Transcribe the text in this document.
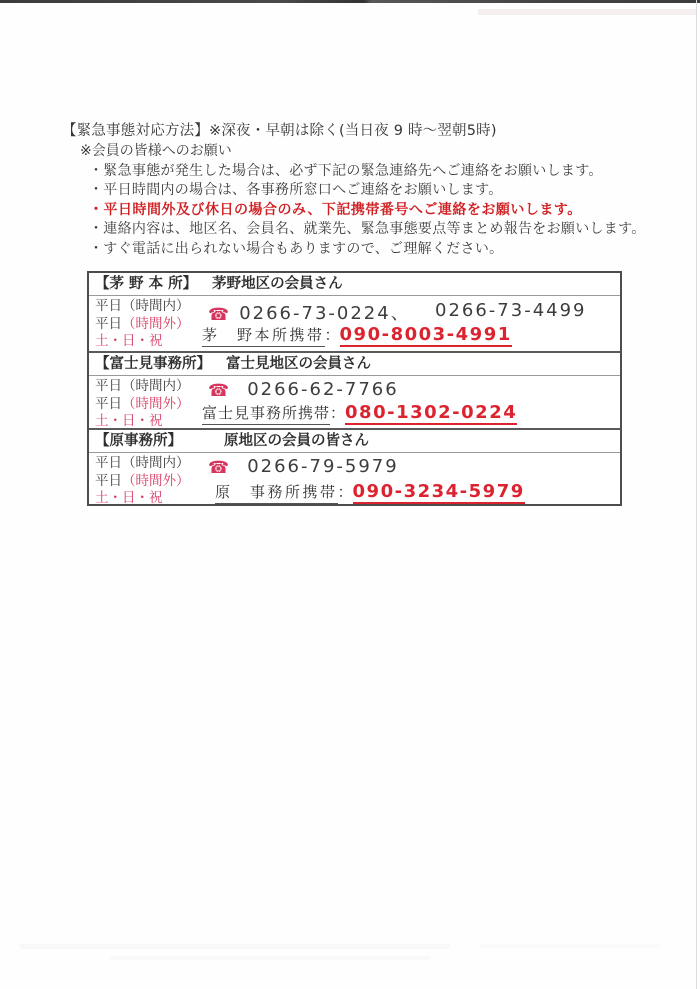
【緊急事態対応方法】※深夜・早朝は除く(当日夜 9 時～翌朝5時)
※会員の皆様へのお願い
・緊急事態が発生した場合は、必ず下記の緊急連絡先へご連絡をお願いします。
・平日時間内の場合は、各事務所窓口へご連絡をお願いします。
・平日時間外及び休日の場合のみ、下記携帯番号へご連絡をお願いします。
・連絡内容は、地区名、会員名、就業先、緊急事態要点等まとめ報告をお願いします。
・すぐ電話に出られない場合もありますので、ご理解ください。
【茅 野 本 所】 茅野地区の会員さん
平日（時間内）
平日（時間外）
土・日・祝
☎ 0266-73-0224、 0266-73-4499
茅　野本所携帯：090-8003-4991
【富士見事務所】 富士見地区の会員さん
平日（時間内）
平日（時間外）
土・日・祝
☎ 0266-62-7766
富士見事務所携帯：080-1302-0224
【原事務所】	原地区の会員の皆さん
平日（時間内）
平日（時間外）
土・日・祝
☎ 0266-79-5979
原　事務所携帯：090-3234-5979
